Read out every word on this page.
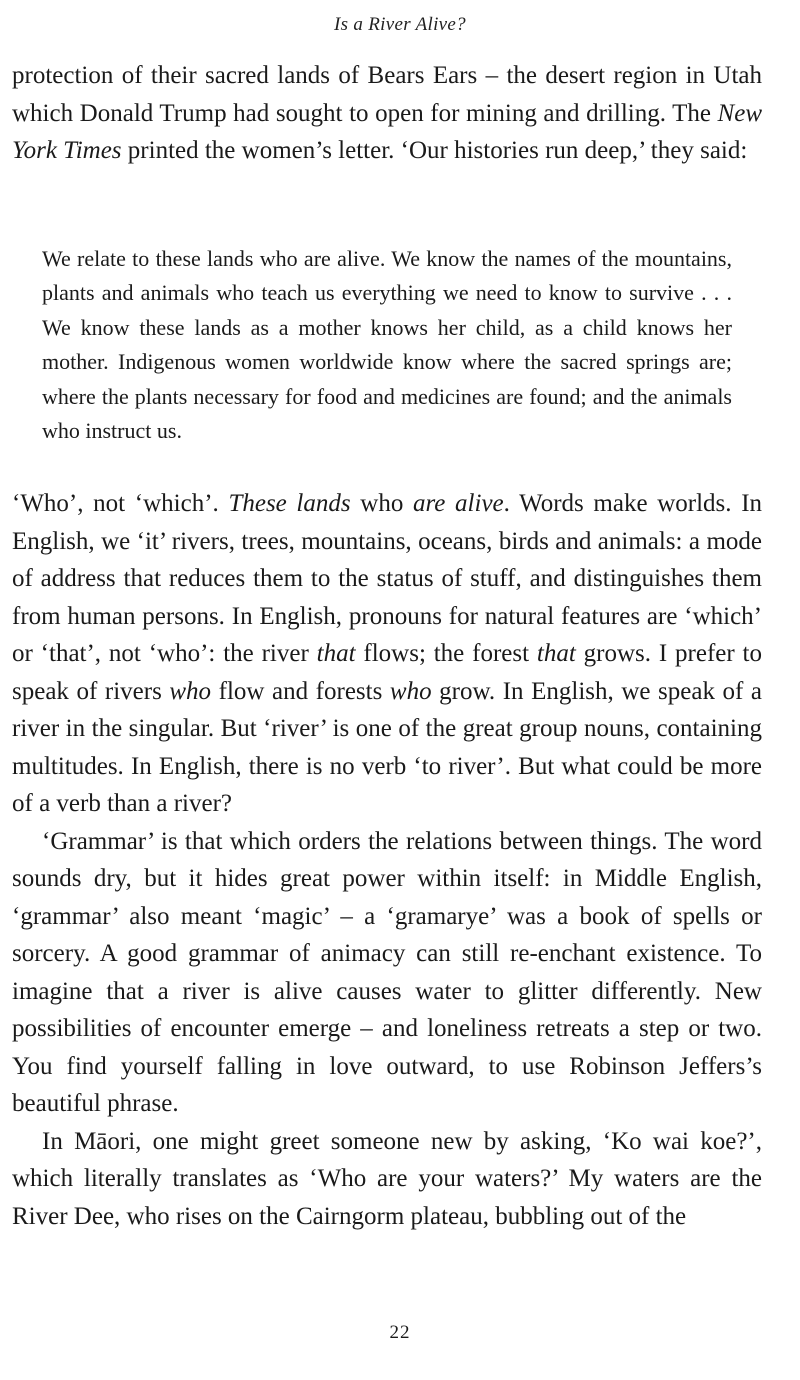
Is a River Alive?

protection of their sacred lands of Bears Ears – the desert region in Utah which Donald Trump had sought to open for mining and drilling. The New York Times printed the women’s letter. ‘Our histories run deep,’ they said:

We relate to these lands who are alive. We know the names of the mountains, plants and animals who teach us everything we need to know to survive . . . We know these lands as a mother knows her child, as a child knows her mother. Indigenous women worldwide know where the sacred springs are; where the plants necessary for food and medicines are found; and the animals who instruct us.

‘Who’, not ‘which’. These lands who are alive. Words make worlds. In English, we ‘it’ rivers, trees, mountains, oceans, birds and animals: a mode of address that reduces them to the status of stuff, and distinguishes them from human persons. In English, pronouns for natural features are ‘which’ or ‘that’, not ‘who’: the river that flows; the forest that grows. I prefer to speak of rivers who flow and forests who grow. In English, we speak of a river in the singular. But ‘river’ is one of the great group nouns, containing multitudes. In English, there is no verb ‘to river’. But what could be more of a verb than a river?

‘Grammar’ is that which orders the relations between things. The word sounds dry, but it hides great power within itself: in Middle English, ‘grammar’ also meant ‘magic’ – a ‘gramarye’ was a book of spells or sorcery. A good grammar of animacy can still re-enchant existence. To imagine that a river is alive causes water to glitter differently. New possibilities of encounter emerge – and loneliness retreats a step or two. You find yourself falling in love outward, to use Robinson Jeffers’s beautiful phrase.

In Māori, one might greet someone new by asking, ‘Ko wai koe?’, which literally translates as ‘Who are your waters?’ My waters are the River Dee, who rises on the Cairngorm plateau, bubbling out of the

22
